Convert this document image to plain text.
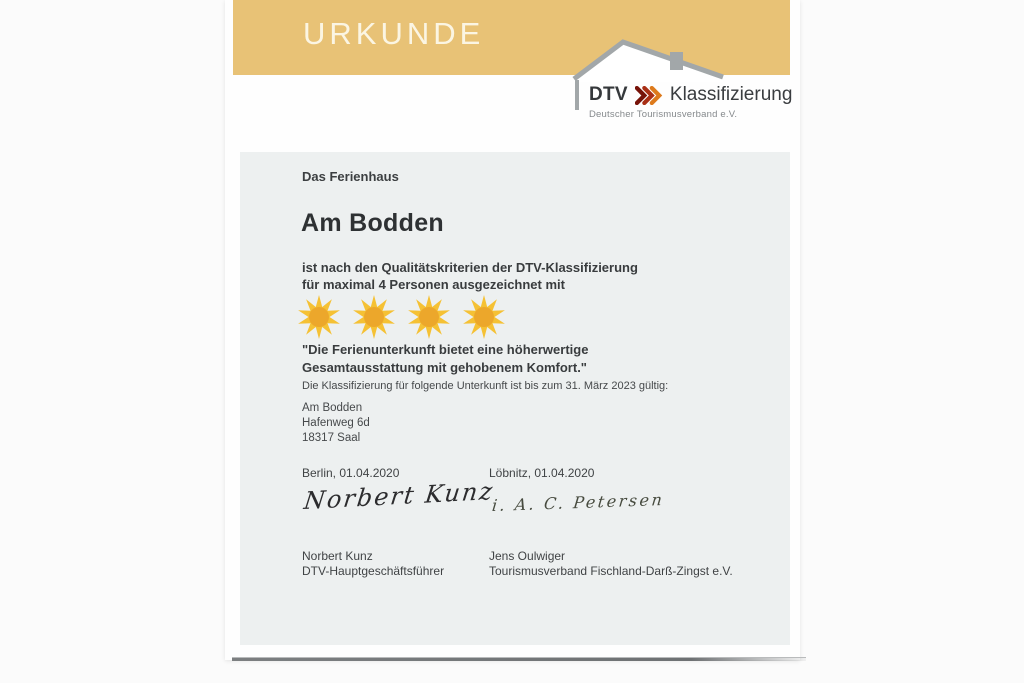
URKUNDE
DTV Klassifizierung
Deutscher Tourismusverband e.V.
Das Ferienhaus
Am Bodden
ist nach den Qualitätskriterien der DTV-Klassifizierung
für maximal 4 Personen ausgezeichnet mit
"Die Ferienunterkunft bietet eine höherwertige
Gesamtausstattung mit gehobenem Komfort."
Die Klassifizierung für folgende Unterkunft ist bis zum 31. März 2023 gültig:
Am Bodden
Hafenweg 6d
18317 Saal
Berlin, 01.04.2020	Löbnitz, 01.04.2020
Norbert Kunz
i. A. C. Petersen
Norbert Kunz
DTV-Hauptgeschäftsführer
Jens Oulwiger
Tourismusverband Fischland-Darß-Zingst e.V.
